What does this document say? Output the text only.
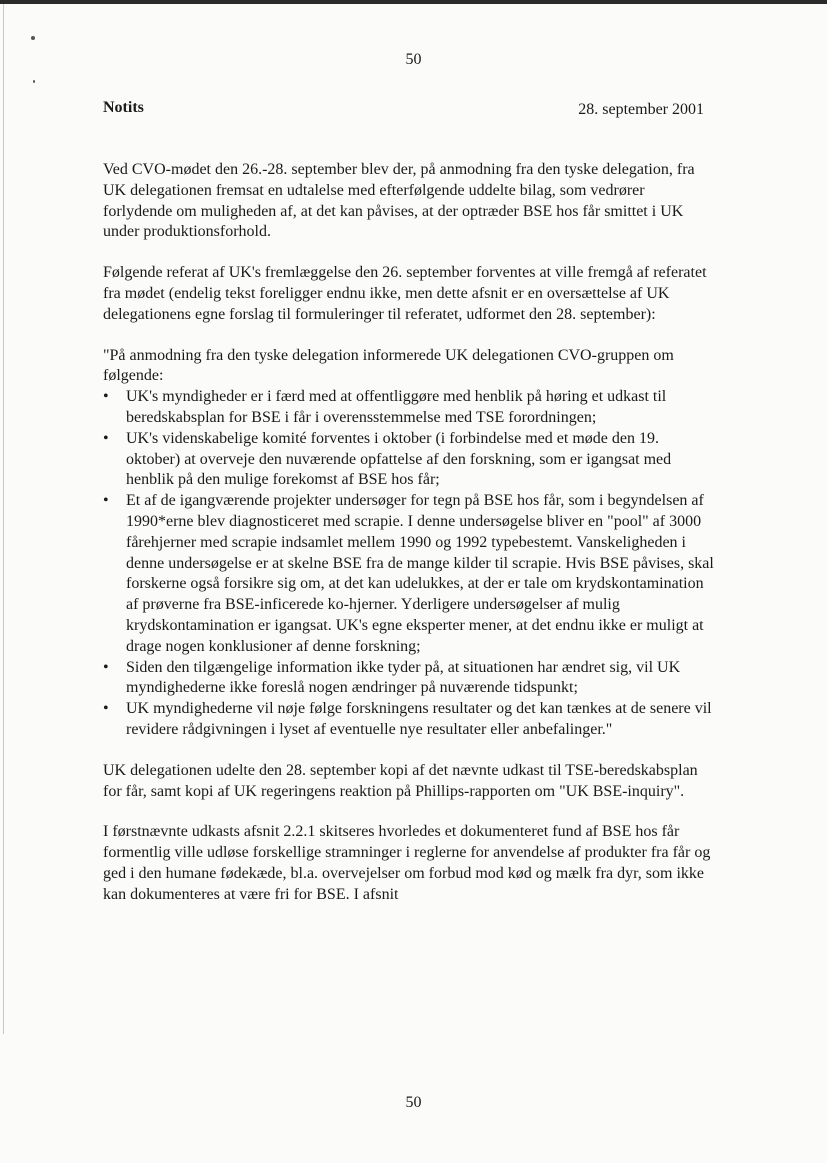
50
Notits	28. september 2001

Ved CVO-mødet den 26.-28. september blev der, på anmodning fra den tyske delegation, fra UK delegationen fremsat en udtalelse med efterfølgende uddelte bilag, som vedrører forlydende om muligheden af, at det kan påvises, at der optræder BSE hos får smittet i UK under produktionsforhold.

Følgende referat af UK's fremlæggelse den 26. september forventes at ville fremgå af referatet fra mødet (endelig tekst foreligger endnu ikke, men dette afsnit er en oversættelse af UK delegationens egne forslag til formuleringer til referatet, udformet den 28. september):

"På anmodning fra den tyske delegation informerede UK delegationen CVO-gruppen om følgende:

• UK's myndigheder er i færd med at offentliggøre med henblik på høring et udkast til beredskabsplan for BSE i får i overensstemmelse med TSE forordningen;
• UK's videnskabelige komité forventes i oktober (i forbindelse med et møde den 19. oktober) at overveje den nuværende opfattelse af den forskning, som er igangsat med henblik på den mulige forekomst af BSE hos får;
• Et af de igangværende projekter undersøger for tegn på BSE hos får, som i begyndelsen af 1990*erne blev diagnosticeret med scrapie. I denne undersøgelse bliver en "pool" af 3000 fårehjerner med scrapie indsamlet mellem 1990 og 1992 typebestemt. Vanskeligheden i denne undersøgelse er at skelne BSE fra de mange kilder til scrapie. Hvis BSE påvises, skal forskerne også forsikre sig om, at det kan udelukkes, at der er tale om krydskontamination af prøverne fra BSE-inficerede ko-hjerner. Yderligere undersøgelser af mulig krydskontamination er igangsat. UK's egne eksperter mener, at det endnu ikke er muligt at drage nogen konklusioner af denne forskning;
• Siden den tilgængelige information ikke tyder på, at situationen har ændret sig, vil UK myndighederne ikke foreslå nogen ændringer på nuværende tidspunkt;
• UK myndighederne vil nøje følge forskningens resultater og det kan tænkes at de senere vil revidere rådgivningen i lyset af eventuelle nye resultater eller anbefalinger."

UK delegationen udelte den 28. september kopi af det nævnte udkast til TSE-beredskabsplan for får, samt kopi af UK regeringens reaktion på Phillips-rapporten om "UK BSE-inquiry".

I førstnævnte udkasts afsnit 2.2.1 skitseres hvorledes et dokumenteret fund af BSE hos får formentlig ville udløse forskellige stramninger i reglerne for anvendelse af produkter fra får og ged i den humane fødekæde, bl.a. overvejelser om forbud mod kød og mælk fra dyr, som ikke kan dokumenteres at være fri for BSE. I afsnit

50
